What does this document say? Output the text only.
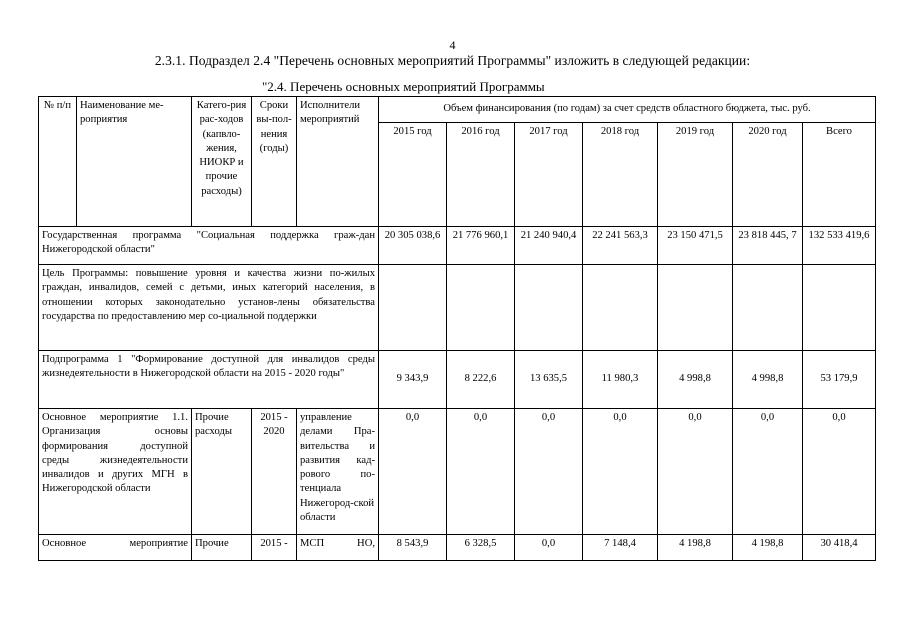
4
2.3.1. Подраздел 2.4 "Перечень основных мероприятий Программы" изложить в следующей редакции:
"2.4. Перечень основных мероприятий Программы
№ п/п	Наименование ме-роприятия	Катего-рия рас-ходов (капвло-жения, НИОКР и прочие расходы)	Сроки вы-пол-нения (годы)	Исполнители мероприятий	Объем финансирования (по годам) за счет средств областного бюджета, тыс. руб.						
					2015 год	2016 год	2017 год	2018 год	2019 год	2020 год	Всего
Государственная программа "Социальная поддержка граж-дан Нижегородской области"					20 305 038,6	21 776 960,1	21 240 940,4	22 241 563,3	23 150 471,5	23 818 445, 7	132 533 419,6
Цель Программы: повышение уровня и качества жизни по-жилых граждан, инвалидов, семей с детьми, иных категорий населения, в отношении которых законодательно установ-лены обязательства государства по предоставлению мер со-циальной поддержки											
Подпрограмма 1 "Формирование доступной для инвалидов среды жизнедеятельности в Нижегородской области на 2015 - 2020 годы"					9 343,9	8 222,6	13 635,5	11 980,3	4 998,8	4 998,8	53 179,9
Основное мероприятие 1.1. Организация основы формирования доступной среды жизнедеятельности инвалидов и других МГН в Нижегородской области		Прочие расходы	2015 - 2020	управление делами Пра-вительства и развития кад-рового по-тенциала Нижегород-ской области	0,0	0,0	0,0	0,0	0,0	0,0	0,0
Основное мероприятие		Прочие	2015 -	МСП НО,	8 543,9	6 328,5	0,0	7 148,4	4 198,8	4 198,8	30 418,4
